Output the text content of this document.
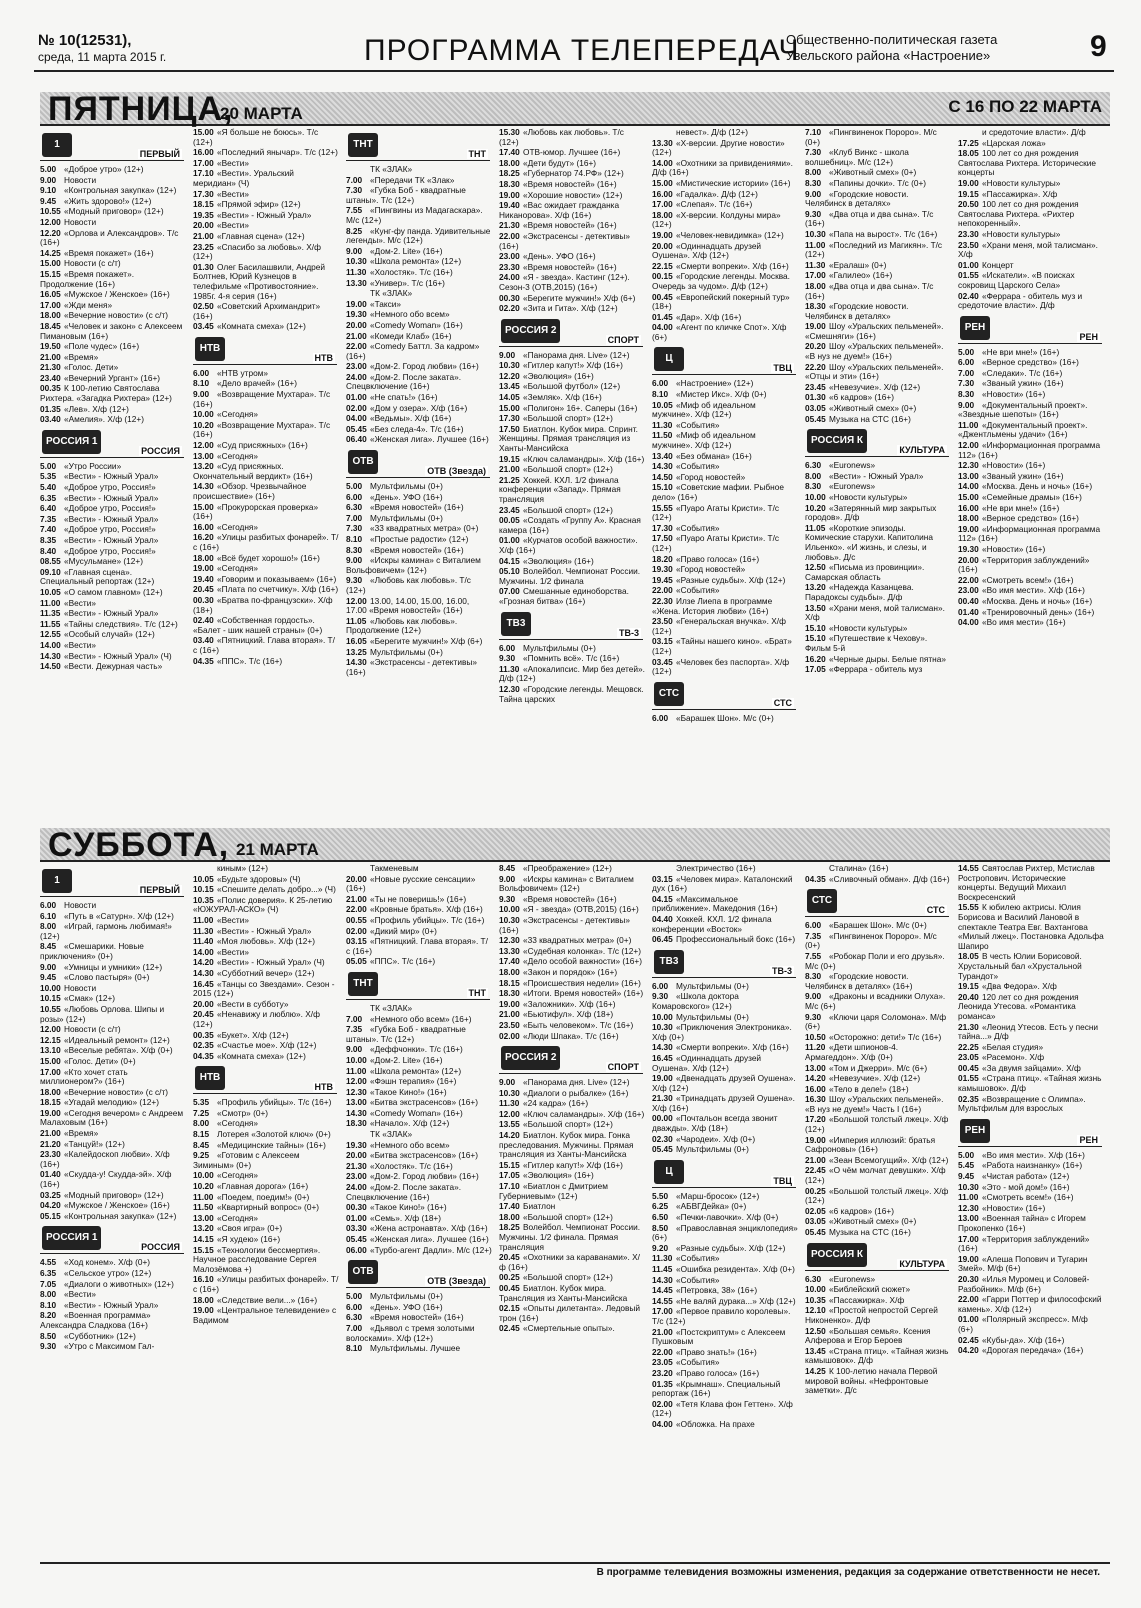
№ 10(12531),
среда, 11 марта 2015 г.	ПРОГРАММА ТЕЛЕПЕРЕДАЧ
Общественно-политическая газета Увельского района «Настроение»	9
ПЯТНИЦА,
20 МАРТА	С 16 ПО 22 МАРТА
1
ПЕРВЫЙ
5.00 «Доброе утро» (12+)
9.00 Новости
9.10 «Контрольная закупка» (12+)
9.45 «Жить здорово!» (12+)
10.55 «Модный приговор» (12+)
12.00 Новости
12.20 «Орлова и Александров». Т/с (16+)
14.25 «Время покажет» (16+)
15.00 Новости (с с/т)
15.15 «Время покажет». Продолжение (16+)
16.05 «Мужское / Женское» (16+)
17.00 «Жди меня»
18.00 «Вечерние новости» (с с/т)
18.45 «Человек и закон» с Алексеем Пимановым (16+)
19.50 «Поле чудес» (16+)
21.00 «Время»
21.30 «Голос. Дети»
23.40 «Вечерний Ургант» (16+)
00.35 К 100-летию Святослава Рихтера. «Загадка Рихтера» (12+)
01.35 «Лев». Х/ф (12+)
03.40 «Амелия». Х/ф (12+)
РОССИЯ 1
РОССИЯ
5.00 «Утро России»
5.35 «Вести» - Южный Урал»
5.40 «Доброе утро, Россия!»
6.35 «Вести» - Южный Урал»
6.40 «Доброе утро, Россия!»
7.35 «Вести» - Южный Урал»
7.40 «Доброе утро, Россия!»
8.35 «Вести» - Южный Урал»
8.40 «Доброе утро, Россия!»
08.55 «Мусульмане» (12+)
09.10 «Главная сцена». Специальный репортаж (12+)
10.05 «О самом главном» (12+)
11.00 «Вести»
11.35 «Вести» - Южный Урал»
11.55 «Тайны следствия». Т/с (12+)
12.55 «Особый случай» (12+)
14.00 «Вести»
14.30 «Вести» - Южный Урал» (Ч)
14.50 «Вести. Дежурная часть»
15.00 «Я больше не боюсь». Т/с (12+)
16.00 «Последний янычар». Т/с (12+)
17.00 «Вести»
17.10 «Вести». Уральский меридиан» (Ч)
17.30 «Вести»
18.15 «Прямой эфир» (12+)
19.35 «Вести» - Южный Урал»
20.00 «Вести»
21.00 «Главная сцена» (12+)
23.25 «Спасибо за любовь». Х/ф (12+)
01.30 Олег Басилашвили, Андрей Болтнев, Юрий Кузнецов в телефильме «Противостояние». 1985г. 4-я серия (16+)
02.50 «Советский Архимандрит» (16+)
03.45 «Комната смеха» (12+)
НТВ
НТВ
6.00 «НТВ утром»
8.10 «Дело врачей» (16+)
9.00 «Возвращение Мухтара». Т/с (16+)
10.00 «Сегодня»
10.20 «Возвращение Мухтара». Т/с (16+)
12.00 «Суд присяжных» (16+)
13.00 «Сегодня»
13.20 «Суд присяжных. Окончательный вердикт» (16+)
14.30 «Обзор. Чрезвычайное происшествие» (16+)
15.00 «Прокурорская проверка» (16+)
16.00 «Сегодня»
16.20 «Улицы разбитых фонарей». Т/с (16+)
18.00 «Всё будет хорошо!» (16+)
19.00 «Сегодня»
19.40 «Говорим и показываем» (16+)
20.45 «Плата по счетчику». Х/ф (16+)
00.30 «Братва по-французски». Х/ф (18+)
02.40 «Собственная гордость». «Балет - шик нашей страны» (0+)
03.40 «Пятницкий. Глава вторая». Т/с (16+)
04.35 «ППС». Т/с (16+)
ТНТ
ТНТ
ТК «ЗЛАК»
7.00 «Передачи ТК «Злак»
7.30 «Губка Боб - квадратные штаны». Т/с (12+)
7.55 «Пингвины из Мадагаскара». М/с (12+)
8.25 «Кунг-фу панда. Удивительные легенды». М/с (12+)
9.00 «Дом-2. Lite» (16+)
10.30 «Школа ремонта» (12+)
11.30 «Холостяк». Т/с (16+)
13.30 «Универ». Т/с (16+)
ТК «ЗЛАК»
19.00 «Такси»
19.30 «Немного обо всем»
20.00 «Comedy Woman» (16+)
21.00 «Комеди Клаб» (16+)
22.00 «Comedy Баттл. За кадром» (16+)
23.00 «Дом-2. Город любви» (16+)
24.00 «Дом-2. После заката». Спецвключение (16+)
01.00 «Не спать!» (16+)
02.00 «Дом у озера». Х/ф (16+)
04.00 «Ведьмы». Х/ф (16+)
05.45 «Без следа-4». Т/с (16+)
06.40 «Женская лига». Лучшее (16+)
ОТВ
ОТВ (Звезда)
5.00 Мультфильмы (0+)
6.00 «День». УФО (16+)
6.30 «Время новостей» (16+)
7.00 Мультфильмы (0+)
7.30 «33 квадратных метра» (0+)
8.10 «Простые радости» (12+)
8.30 «Время новостей» (16+)
9.00 «Искры камина» с Виталием Вольфовичем» (12+)
9.30 «Любовь как любовь». Т/с (12+)
12.00 13.00, 14.00, 15.00, 16.00, 17.00 «Время новостей» (16+)
11.05 «Любовь как любовь». Продолжение (12+)
16.05 «Берегите мужчин!» Х/ф (6+)
13.25 Мультфильмы (0+)
14.30 «Экстрасенсы - детективы» (16+)
15.30 «Любовь как любовь». Т/с (12+)
17.40 ОТВ-юмор. Лучшее (16+)
18.00 «Дети будут» (16+)
18.25 «Губернатор 74.РФ» (12+)
18.30 «Время новостей» (16+)
19.00 «Хорошие новости» (12+)
19.40 «Вас ожидает гражданка Никанорова». Х/ф (16+)
21.30 «Время новостей» (16+)
22.00 «Экстрасенсы - детективы» (16+)
23.00 «День». УФО (16+)
23.30 «Время новостей» (16+)
24.00 «Я - звезда». Кастинг (12+). Сезон-3 (ОТВ,2015) (16+)
00.30 «Берегите мужчин!» Х/ф (6+)
02.20 «Зита и Гита». Х/ф (12+)
РОССИЯ 2
СПОРТ
9.00 «Панорама дня. Live» (12+)
10.30 «Гитлер капут!» Х/ф (16+)
12.20 «Эволюция» (16+)
13.45 «Большой футбол» (12+)
14.05 «Земляк». Х/ф (16+)
15.00 «Полигон» 16+. Саперы (16+)
17.30 «Большой спорт» (12+)
17.50 Биатлон. Кубок мира. Спринт. Женщины. Прямая трансляция из Ханты-Мансийска
19.15 «Ключ саламандры». Х/ф (16+)
21.00 «Большой спорт» (12+)
21.25 Хоккей. КХЛ. 1/2 финала конференции «Запад». Прямая трансляция
23.45 «Большой спорт» (12+)
00.05 «Создать «Группу А». Красная камера (16+)
01.00 «Курчатов особой важности». Х/ф (16+)
04.15 «Эволюция» (16+)
05.10 Волейбол. Чемпионат России. Мужчины. 1/2 финала
07.00 Смешанные единоборства. «Грозная битва» (16+)
ТВ3
ТВ-3
6.00 Мультфильмы (0+)
9.30 «Помнить всё». Т/с (16+)
11.30 «Апокалипсис. Мир без детей». Д/ф (12+)
12.30 «Городские легенды. Мещовск. Тайна царских
невест». Д/ф (12+)
13.30 «Х-версии. Другие новости» (12+)
14.00 «Охотники за привидениями». Д/ф (16+)
15.00 «Мистические истории» (16+)
16.00 «Гадалка». Д/ф (12+)
17.00 «Слепая». Т/с (16+)
18.00 «Х-версии. Колдуны мира» (12+)
19.00 «Человек-невидимка» (12+)
20.00 «Одиннадцать друзей Оушена». Х/ф (12+)
22.15 «Смерти вопреки». Х/ф (16+)
00.15 «Городские легенды. Москва. Очередь за чудом». Д/ф (12+)
00.45 «Европейский покерный тур» (18+)
01.45 «Дар». Х/ф (16+)
04.00 «Агент по кличке Спот». Х/ф (6+)
Ц
ТВЦ
6.00 «Настроение» (12+)
8.10 «Мистер Икс». Х/ф (0+)
10.05 «Миф об идеальном мужчине». Х/ф (12+)
11.30 «События»
11.50 «Миф об идеальном мужчине». Х/ф (12+)
13.40 «Без обмана» (16+)
14.30 «События»
14.50 «Город новостей»
15.10 «Советские мафии. Рыбное дело» (16+)
15.55 «Пуаро Агаты Кристи». Т/с (12+)
17.30 «События»
17.50 «Пуаро Агаты Кристи». Т/с (12+)
18.20 «Право голоса» (16+)
19.30 «Город новостей»
19.45 «Разные судьбы». Х/ф (12+)
22.00 «События»
22.30 Илзе Лиепа в программе «Жена. История любви» (16+)
23.50 «Генеральская внучка». Х/ф (12+)
03.15 «Тайны нашего кино». «Брат» (12+)
03.45 «Человек без паспорта». Х/ф (12+)
СТС
СТС
6.00 «Барашек Шон». М/с (0+)
7.10 «Пингвиненок Пороро». М/с (0+)
7.30 «Клуб Винкс - школа волшебниц». М/с (12+)
8.00 «Животный смех» (0+)
8.30 «Папины дочки». Т/с (0+)
9.00 «Городские новости. Челябинск в деталях»
9.30 «Два отца и два сына». Т/с (16+)
10.30 «Папа на вырост». Т/с (16+)
11.00 «Последний из Магикян». Т/с (12+)
11.30 «Ералаш» (0+)
17.00 «Галилео» (16+)
18.00 «Два отца и два сына». Т/с (16+)
18.30 «Городские новости. Челябинск в деталях»
19.00 Шоу «Уральских пельменей». «Смешняги» (16+)
20.20 Шоу «Уральских пельменей». «В нуз не дуем!» (16+)
22.20 Шоу «Уральских пельменей». «Отцы и эти» (16+)
23.45 «Невезучие». Х/ф (12+)
01.30 «6 кадров» (16+)
03.05 «Животный смех» (0+)
05.45 Музыка на СТС (16+)
РОССИЯ К
КУЛЬТУРА
6.30 «Euronews»
8.00 «Вести» - Южный Урал»
8.30 «Euronews»
10.00 «Новости культуры»
10.20 «Затерянный мир закрытых городов». Д/ф
11.05 «Короткие эпизоды. Комические старухи. Капитолина Ильенко». «И жизнь, и слезы, и любовь». Д/с
12.50 «Письма из провинции». Самарская область
13.20 «Надежда Казанцева. Парадоксы судьбы». Д/ф
13.50 «Храни меня, мой талисман». Х/ф
15.10 «Новости культуры»
15.10 «Путешествие к Чехову». Фильм 5-й
16.20 «Черные дыры. Белые пятна»
17.05 «Феррара - обитель муз
и средоточие власти». Д/ф
17.25 «Царская ложа»
18.05 100 лет со дня рождения Святослава Рихтера. Исторические концерты
19.00 «Новости культуры»
19.15 «Пассажирка». Х/ф
20.50 100 лет со дня рождения Святослава Рихтера. «Рихтер непокоренный».
23.30 «Новости культуры»
23.50 «Храни меня, мой талисман». Х/ф
01.00 Концерт
01.55 «Искатели». «В поисках сокровищ Царского Села»
02.40 «Феррара - обитель муз и средоточие власти». Д/ф
РЕН
РЕН
5.00 «Не ври мне!» (16+)
6.00 «Верное средство» (16+)
7.00 «Следаки». Т/с (16+)
7.30 «Званый ужин» (16+)
8.30 «Новости» (16+)
9.00 «Документальный проект». «Звездные шепоты» (16+)
11.00 «Документальный проект». «Джентльмены удачи» (16+)
12.00 «Информационная программа 112» (16+)
12.30 «Новости» (16+)
13.00 «Званый ужин» (16+)
14.00 «Москва. День и ночь» (16+)
15.00 «Семейные драмы» (16+)
16.00 «Не ври мне!» (16+)
18.00 «Верное средство» (16+)
19.00 «Информационная программа 112» (16+)
19.30 «Новости» (16+)
20.00 «Территория заблуждений» (16+)
22.00 «Смотреть всем!» (16+)
23.00 «Во имя мести». Х/ф (16+)
00.40 «Москва. День и ночь» (16+)
01.40 «Тренировочный день» (16+)
04.00 «Во имя мести» (16+)
СУББОТА, 21 МАРТА
1
ПЕРВЫЙ
6.00 Новости
6.10 «Путь в «Сатурн». Х/ф (12+)
8.00 «Играй, гармонь любимая!» (12+)
8.45 «Смешарики. Новые приключения» (0+)
9.00 «Умницы и умники» (12+)
9.45 «Слово пастыря» (0+)
10.00 Новости
10.15 «Смак» (12+)
10.55 «Любовь Орлова. Шипы и розы» (12+)
12.00 Новости (с с/т)
12.15 «Идеальный ремонт» (12+)
13.10 «Веселые ребята». Х/ф (0+)
15.00 «Голос. Дети» (0+)
17.00 «Кто хочет стать миллионером?» (16+)
18.00 «Вечерние новости» (с с/т)
18.15 «Угадай мелодию» (12+)
19.00 «Сегодня вечером» с Андреем Малаховым (16+)
21.00 «Время»
21.20 «Танцуй!» (12+)
23.30 «Калейдоскоп любви». Х/ф (16+)
01.40 «Скудда-у! Скудда-эй». Х/ф (16+)
03.25 «Модный приговор» (12+)
04.20 «Мужское / Женское» (16+)
05.15 «Контрольная закупка» (12+)
РОССИЯ 1
РОССИЯ
4.55 «Ход конем». Х/ф (0+)
6.35 «Сельское утро» (12+)
7.05 «Диалоги о животных» (12+)
8.00 «Вести»
8.10 «Вести» - Южный Урал»
8.20 «Военная программа» Александра Сладкова (16+)
8.50 «Субботник» (12+)
9.30 «Утро с Максимом Гал-
киным» (12+)
10.05 «Будьте здоровы» (Ч)
10.15 «Спешите делать добро...» (Ч)
10.35 «Полис доверия». К 25-летию «ЮЖУРАЛ-АСКО» (Ч)
11.00 «Вести»
11.30 «Вести» - Южный Урал»
11.40 «Моя любовь». Х/ф (12+)
14.00 «Вести»
14.20 «Вести» - Южный Урал» (Ч)
14.30 «Субботний вечер» (12+)
16.45 «Танцы со Звездами». Сезон - 2015 (12+)
20.00 «Вести в субботу»
20.45 «Ненавижу и люблю». Х/ф (12+)
00.35 «Букет». Х/ф (12+)
02.35 «Счастье мое». Х/ф (12+)
04.35 «Комната смеха» (12+)
НТВ
НТВ
5.35 «Профиль убийцы». Т/с (16+)
7.25 «Смотр» (0+)
8.00 «Сегодня»
8.15 Лотерея «Золотой ключ» (0+)
8.45 «Медицинские тайны» (16+)
9.25 «Готовим с Алексеем Зиминым» (0+)
10.00 «Сегодня»
10.20 «Главная дорога» (16+)
11.00 «Поедем, поедим!» (0+)
11.50 «Квартирный вопрос» (0+)
13.00 «Сегодня»
13.20 «Своя игра» (0+)
14.15 «Я худею» (16+)
15.15 «Технологии бессмертия». Научное расследование Сергея Малозёмова +)
16.10 «Улицы разбитых фонарей». Т/с (16+)
18.00 «Следствие вели...» (16+)
19.00 «Центральное телевидение» с Вадимом
Такменевым
20.00 «Новые русские сенсации» (16+)
21.00 «Ты не поверишь!» (16+)
22.00 «Кровные братья». Х/ф (16+)
00.55 «Профиль убийцы». Т/с (16+)
02.00 «Дикий мир» (0+)
03.15 «Пятницкий. Глава вторая». Т/с (16+)
05.05 «ППС». Т/с (16+)
ТНТ
ТНТ
ТК «ЗЛАК»
7.00 «Немного обо всем» (16+)
7.35 «Губка Боб - квадратные штаны». Т/с (12+)
9.00 «Деффчонки». Т/с (16+)
10.00 «Дом-2. Lite» (16+)
11.00 «Школа ремонта» (12+)
12.00 «Фэшн терапия» (16+)
12.30 «Такое Кино!» (16+)
13.00 «Битва экстрасенсов» (16+)
14.30 «Comedy Woman» (16+)
18.30 «Начало». Х/ф (12+)
ТК «ЗЛАК»
19.30 «Немного обо всем»
20.00 «Битва экстрасенсов» (16+)
21.30 «Холостяк». Т/с (16+)
23.00 «Дом-2. Город любви» (16+)
24.00 «Дом-2. После заката». Спецвключение (16+)
00.30 «Такое Кино!» (16+)
01.00 «Семь». Х/ф (18+)
03.30 «Жена астронавта». Х/ф (16+)
05.45 «Женская лига». Лучшее (16+)
06.00 «Турбо-агент Дадли». М/с (12+)
ОТВ
ОТВ (Звезда)
5.00 Мультфильмы (0+)
6.00 «День». УФО (16+)
6.30 «Время новостей» (16+)
7.00 «Дьявол с тремя золотыми волосками». Х/ф (12+)
8.10 Мультфильмы. Лучшее
8.45 «Преображение» (12+)
9.00 «Искры камина» с Виталием Вольфовичем» (12+)
9.30 «Время новостей» (16+)
10.00 «Я - звезда» (ОТВ,2015) (16+)
10.30 «Экстрасенсы - детективы» (16+)
12.30 «33 квадратных метра» (0+)
13.30 «Судебная колонка». Т/с (12+)
17.40 «Дело особой важности» (16+)
18.00 «Закон и порядок» (16+)
18.15 «Происшествия недели» (16+)
18.30 «Итоги. Время новостей» (16+)
19.00 «Заложники». Х/ф (16+)
21.00 «Бьютифул». Х/ф (18+)
23.50 «Быть человеком». Т/с (16+)
02.00 «Люди Шпака». Т/с (16+)
РОССИЯ 2
СПОРТ
9.00 «Панорама дня. Live» (12+)
10.30 «Диалоги о рыбалке» (16+)
11.30 «24 кадра» (16+)
12.00 «Ключ саламандры». Х/ф (16+)
13.55 «Большой спорт» (12+)
14.20 Биатлон. Кубок мира. Гонка преследования. Мужчины. Прямая трансляция из Ханты-Мансийска
15.15 «Гитлер капут!» Х/ф (16+)
17.05 «Эволюция» (16+)
17.10 «Биатлон с Дмитрием Губерниевым» (12+)
17.40 Биатлон
18.00 «Большой спорт» (12+)
18.25 Волейбол. Чемпионат России. Мужчины. 1/2 финала. Прямая трансляция
20.45 «Охотники за караванами». Х/ф (16+)
00.25 «Большой спорт» (12+)
00.45 Биатлон. Кубок мира. Трансляция из Ханты-Мансийска
02.15 «Опыты дилетанта». Ледовый трон (16+)
02.45 «Смертельные опыты».
Электричество (16+)
03.15 «Человек мира». Каталонский дух (16+)
04.15 «Максимальное приближение». Македония (16+)
04.40 Хоккей. КХЛ. 1/2 финала конференции «Восток»
06.45 Профессиональный бокс (16+)
ТВ3
ТВ-3
6.00 Мультфильмы (0+)
9.30 «Школа доктора Комаровского» (12+)
10.00 Мультфильмы (0+)
10.30 «Приключения Электроника». Х/ф (0+)
14.30 «Смерти вопреки». Х/ф (16+)
16.45 «Одиннадцать друзей Оушена». Х/ф (12+)
19.00 «Двенадцать друзей Оушена». Х/ф (12+)
21.30 «Тринадцать друзей Оушена». Х/ф (16+)
00.00 «Почтальон всегда звонит дважды». Х/ф (18+)
02.30 «Чародеи». Х/ф (0+)
05.45 Мультфильмы (0+)
Ц
ТВЦ
5.50 «Марш-бросок» (12+)
6.25 «АБВГДейка» (0+)
6.50 «Печки-лавочки». Х/ф (0+)
8.50 «Православная энциклопедия» (6+)
9.20 «Разные судьбы». Х/ф (12+)
11.30 «События»
11.45 «Ошибка резидента». Х/ф (0+)
14.30 «События»
14.45 «Петровка, 38» (16+)
14.55 «Не валяй дурака...» Х/ф (12+)
17.00 «Первое правило королевы». Т/с (12+)
21.00 «Постскриптум» с Алексеем Пушковым
22.00 «Право знать!» (16+)
23.05 «События»
23.20 «Право голоса» (16+)
01.35 «Крымнаш». Специальный репортаж (16+)
02.00 «Тетя Клава фон Геттен». Х/ф (12+)
04.00 «Обложка. На прахе
Сталина» (16+)
04.35 «Сливочный обман». Д/ф (16+)
СТС
СТС
6.00 «Барашек Шон». М/с (0+)
7.35 «Пингвиненок Пороро». М/с (0+)
7.55 «Робокар Поли и его друзья». М/с (0+)
8.30 «Городские новости. Челябинск в деталях» (16+)
9.00 «Драконы и всадники Олуха». М/с (6+)
9.30 «Ключи царя Соломона». М/ф (6+)
10.50 «Осторожно: дети!» Т/с (16+)
11.20 «Дети шпионов-4. Армагеддон». Х/ф (0+)
13.00 «Том и Джерри». М/с (6+)
14.20 «Невезучие». Х/ф (12+)
16.00 «Тело в деле!» (18+)
16.30 Шоу «Уральских пельменей». «В нуз не дуем!» Часть I (16+)
17.20 «Большой толстый лжец». Х/ф (12+)
19.00 «Империя иллюзий: братья Сафроновы» (16+)
21.00 «Зеан Всемогущий». Х/ф (12+)
22.45 «О чём молчат девушки». Х/ф (12+)
00.25 «Большой толстый лжец». Х/ф (12+)
02.05 «6 кадров» (16+)
03.05 «Животный смех» (0+)
05.45 Музыка на СТС (16+)
РОССИЯ К
КУЛЬТУРА
6.30 «Euronews»
10.00 «Библейский сюжет»
10.35 «Пассажирка». Х/ф
12.10 «Простой непростой Сергей Никоненко». Д/ф
12.50 «Большая семья». Ксения Алферова и Егор Бероев
13.45 «Страна птиц». «Тайная жизнь камышовок». Д/ф
14.25 К 100-летию начала Первой мировой войны. «Нефронтовые заметки». Д/с
14.55 Святослав Рихтер, Мстислав Ростропович. Исторические концерты. Ведущий Михаил Воскресенский
15.55 К юбилею актрисы. Юлия Борисова и Василий Лановой в спектакле Театра Евг. Вахтангова «Милый лжец». Постановка Адольфа Шапиро
18.05 В честь Юлии Борисовой. Хрустальный бал «Хрустальной Турандот»
19.15 «Два Федора». Х/ф
20.40 120 лет со дня рождения Леонида Утесова. «Романтика романса»
21.30 «Леонид Утесов. Есть у песни тайна...» Д/ф
22.25 «Белая студия»
23.05 «Расемон». Х/ф
00.45 «За двумя зайцами». Х/ф
01.55 «Страна птиц». «Тайная жизнь камышовок». Д/ф
02.35 «Возвращение с Олимпа». Мультфильм для взрослых
РЕН
РЕН
5.00 «Во имя мести». Х/ф (16+)
5.45 «Работа наизнанку» (16+)
9.45 «Чистая работа» (12+)
10.30 «Это - мой дом!» (16+)
11.00 «Смотреть всем!» (16+)
12.30 «Новости» (16+)
13.00 «Военная тайна» с Игорем Прокопенко (16+)
17.00 «Территория заблуждений» (16+)
19.00 «Алеша Попович и Тугарин Змей». М/ф (6+)
20.30 «Илья Муромец и Соловей-Разбойник». М/ф (6+)
22.00 «Гарри Поттер и философский камень». Х/ф (12+)
01.00 «Полярный экспресс». М/ф (6+)
02.45 «Кубы-да». Х/ф (16+)
04.20 «Дорогая передача» (16+)
В программе телевидения возможны изменения, редакция за содержание ответственности не несет.
